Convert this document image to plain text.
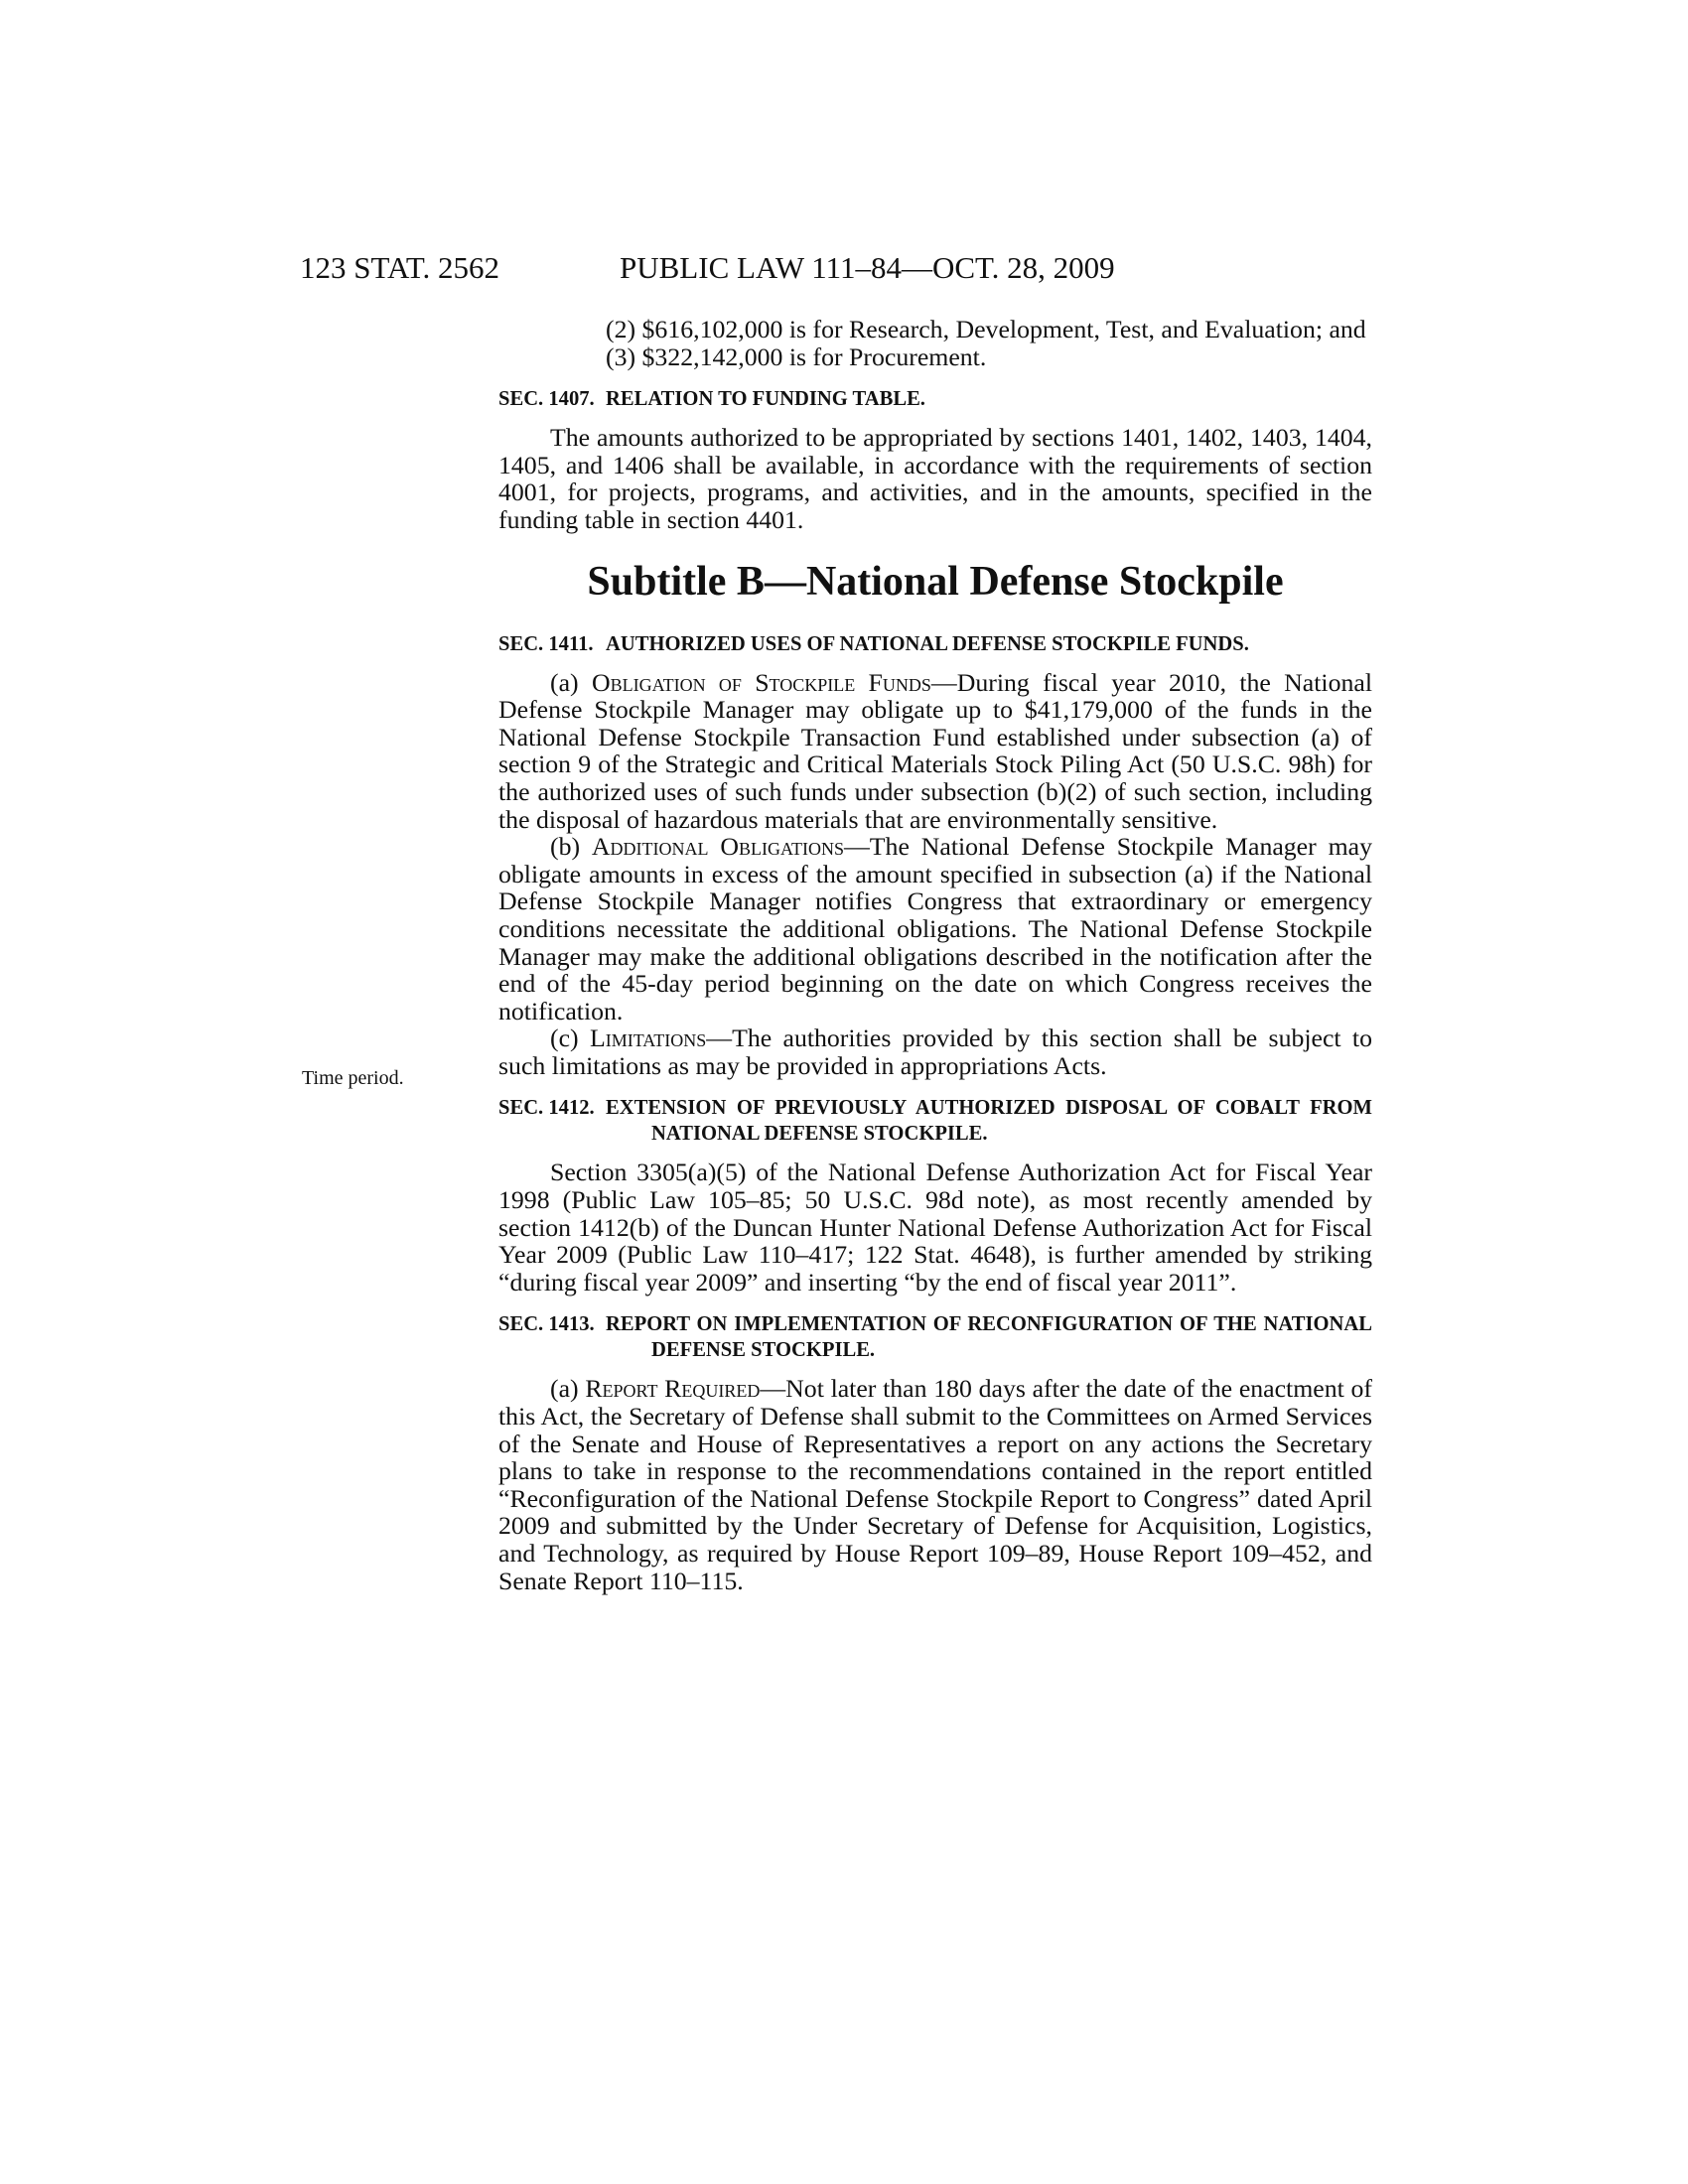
123 STAT. 2562	PUBLIC LAW 111–84—OCT. 28, 2009
Time period.

(2) $616,102,000 is for Research, Development, Test, and Evaluation; and

(3) $322,142,000 is for Procurement.

SEC. 1407. RELATION TO FUNDING TABLE.

The amounts authorized to be appropriated by sections 1401, 1402, 1403, 1404, 1405, and 1406 shall be available, in accordance with the requirements of section 4001, for projects, programs, and activities, and in the amounts, specified in the funding table in section 4401.

Subtitle B—National Defense Stockpile

SEC. 1411. AUTHORIZED USES OF NATIONAL DEFENSE STOCKPILE FUNDS.

(a) Obligation of Stockpile Funds—During fiscal year 2010, the National Defense Stockpile Manager may obligate up to $41,179,000 of the funds in the National Defense Stockpile Transaction Fund established under subsection (a) of section 9 of the Strategic and Critical Materials Stock Piling Act (50 U.S.C. 98h) for the authorized uses of such funds under subsection (b)(2) of such section, including the disposal of hazardous materials that are environmentally sensitive.

(b) Additional Obligations—The National Defense Stockpile Manager may obligate amounts in excess of the amount specified in subsection (a) if the National Defense Stockpile Manager notifies Congress that extraordinary or emergency conditions necessitate the additional obligations. The National Defense Stockpile Manager may make the additional obligations described in the notification after the end of the 45-day period beginning on the date on which Congress receives the notification.

(c) Limitations—The authorities provided by this section shall be subject to such limitations as may be provided in appropriations Acts.

SEC. 1412. EXTENSION OF PREVIOUSLY AUTHORIZED DISPOSAL OF COBALT FROM NATIONAL DEFENSE STOCKPILE.

Section 3305(a)(5) of the National Defense Authorization Act for Fiscal Year 1998 (Public Law 105–85; 50 U.S.C. 98d note), as most recently amended by section 1412(b) of the Duncan Hunter National Defense Authorization Act for Fiscal Year 2009 (Public Law 110–417; 122 Stat. 4648), is further amended by striking “during fiscal year 2009” and inserting “by the end of fiscal year 2011”.

SEC. 1413. REPORT ON IMPLEMENTATION OF RECONFIGURATION OF THE NATIONAL DEFENSE STOCKPILE.

(a) Report Required—Not later than 180 days after the date of the enactment of this Act, the Secretary of Defense shall submit to the Committees on Armed Services of the Senate and House of Representatives a report on any actions the Secretary plans to take in response to the recommendations contained in the report entitled “Reconfiguration of the National Defense Stockpile Report to Congress” dated April 2009 and submitted by the Under Secretary of Defense for Acquisition, Logistics, and Technology, as required by House Report 109–89, House Report 109–452, and Senate Report 110–115.
